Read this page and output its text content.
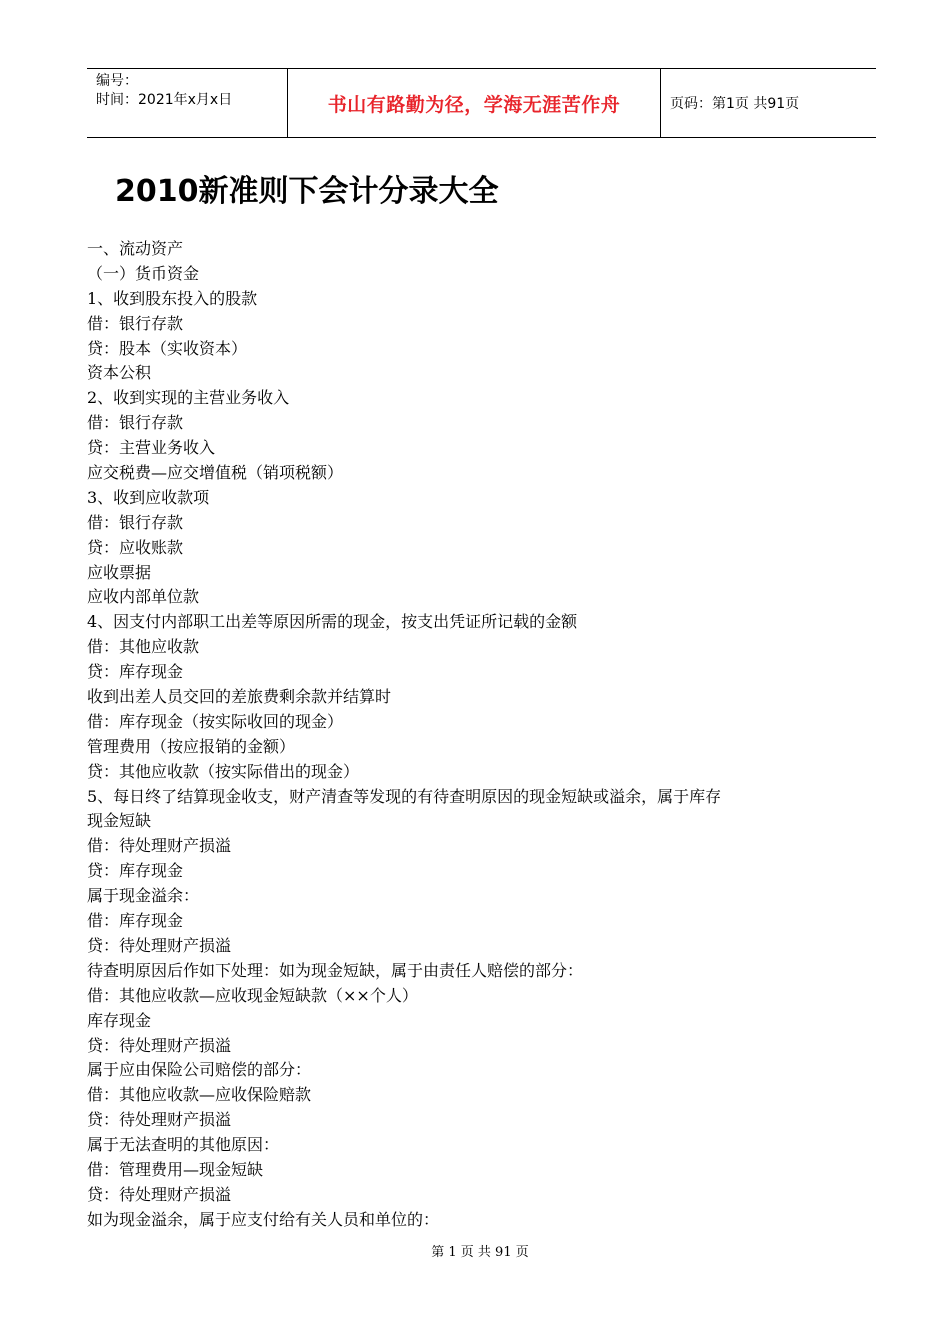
编号：
时间：2021年x月x日	书山有路勤为径，学海无涯苦作舟	页码：第1页 共91页
2010新准则下会计分录大全
一、流动资产
（一）货币资金
1、收到股东投入的股款
借：银行存款
贷：股本（实收资本）
资本公积
2、收到实现的主营业务收入
借：银行存款
贷：主营业务收入
应交税费—应交增值税（销项税额）
3、收到应收款项
借：银行存款
贷：应收账款
应收票据
应收内部单位款
4、因支付内部职工出差等原因所需的现金，按支出凭证所记载的金额
借：其他应收款
贷：库存现金
收到出差人员交回的差旅费剩余款并结算时
借：库存现金（按实际收回的现金）
管理费用（按应报销的金额）
贷：其他应收款（按实际借出的现金）
5、每日终了结算现金收支，财产清查等发现的有待查明原因的现金短缺或溢余，属于库存
现金短缺
借：待处理财产损溢
贷：库存现金
属于现金溢余：
借：库存现金
贷：待处理财产损溢
待查明原因后作如下处理：如为现金短缺，属于由责任人赔偿的部分：
借：其他应收款—应收现金短缺款（××个人）
库存现金
贷：待处理财产损溢
属于应由保险公司赔偿的部分：
借：其他应收款—应收保险赔款
贷：待处理财产损溢
属于无法查明的其他原因：
借：管理费用—现金短缺
贷：待处理财产损溢
如为现金溢余，属于应支付给有关人员和单位的：
第 1 页 共 91 页
